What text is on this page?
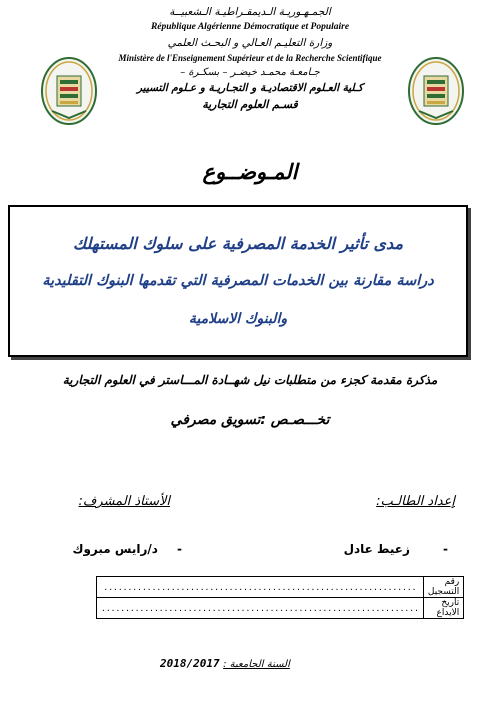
الجمـهـوريـة الـديمقـراطيـة الـشعبيــة
République Algérienne Démocratique et Populaire
وزارة التعليـم العـالي و البحـث العلمي
Ministère de l'Enseignement Supérieur et de la Recherche Scientifique
جـامعـة محمـد خيضـر – بسكـرة –
كـلية العـلوم الاقتصاديـة و التجـاريـة و عـلوم التسيير
قسـم العلوم التجارية
المـوضــوع
مدى تأثير الخدمة المصرفية على سلوك المستهلك
دراسة مقارنة بين الخدمات المصرفية التي تقدمها البنوك التقليدية
والبنوك الاسلامية
مذكرة مقدمة كجزء من متطلبات نيل شهــادة المـــاستر في العلوم التجارية
تخـــصـص :تسويق مصرفي
إعداد الطالـب:
الأستاذ المشرف:
- زعيط عادل
- د/رايس مبروك
.................................................................	رقم التسجيل
..................................................................	تاريخ الايداع
2018/2017 السنة الجامعية :
